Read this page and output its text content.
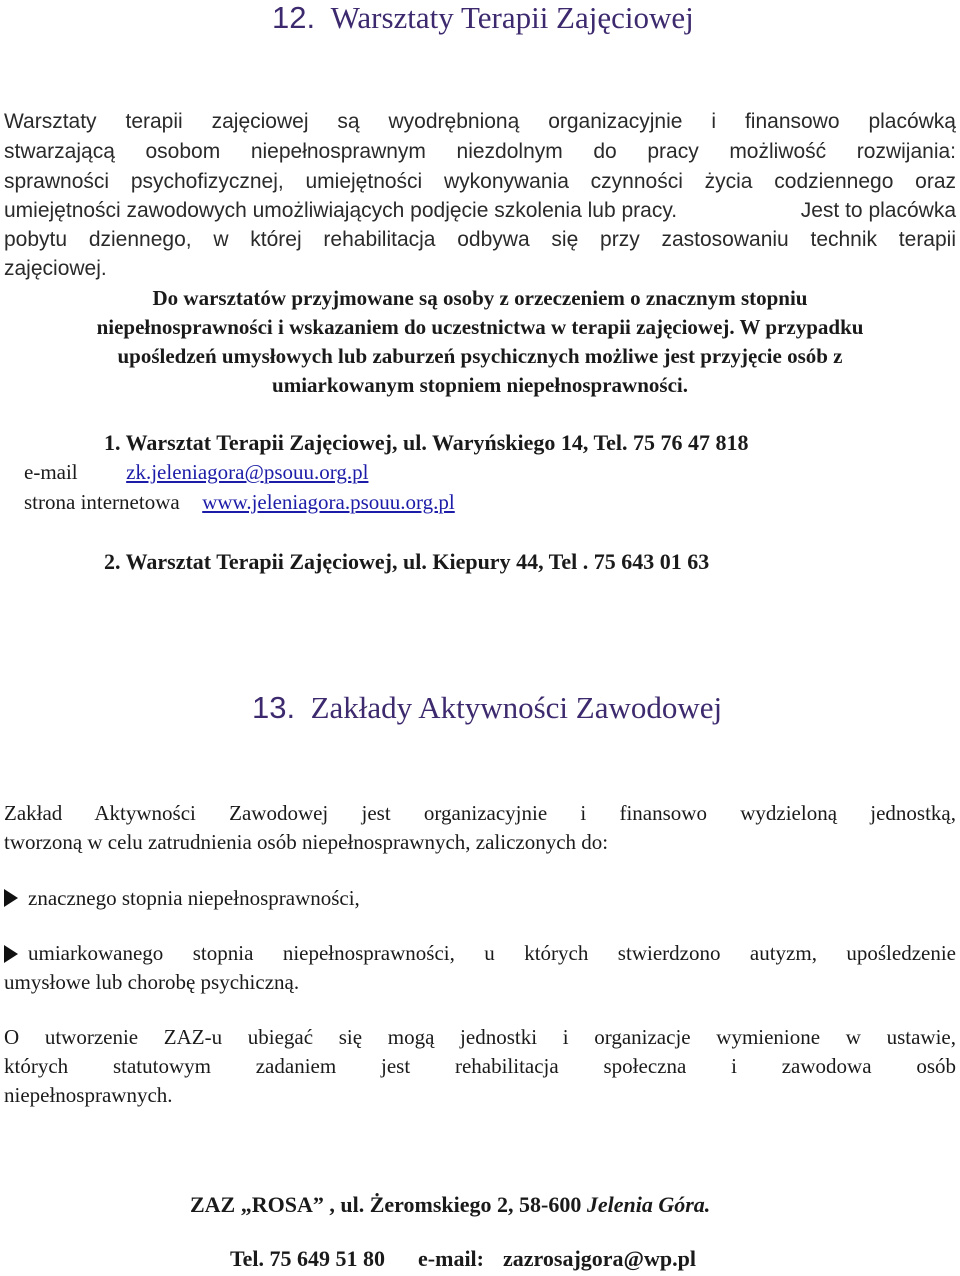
12. Warsztaty Terapii Zajęciowej
Warsztaty terapii zajęciowej są wyodrębnioną organizacyjnie i finansowo placówką
stwarzającą osobom niepełnosprawnym niezdolnym do pracy możliwość rozwijania:
sprawności psychofizycznej, umiejętności wykonywania czynności życia codziennego oraz
umiejętności zawodowych umożliwiających podjęcie szkolenia lub pracy.	Jest to placówka
pobytu dziennego, w której rehabilitacja odbywa się przy zastosowaniu technik terapii
zajęciowej.
Do warsztatów przyjmowane są osoby z orzeczeniem o znacznym stopniu
niepełnosprawności i wskazaniem do uczestnictwa w terapii zajęciowej. W przypadku
upośledzeń umysłowych lub zaburzeń psychicznych możliwe jest przyjęcie osób z
umiarkowanym stopniem niepełnosprawności.
1. Warsztat Terapii Zajęciowej, ul. Waryńskiego 14, Tel. 75 76 47 818
e-mail zk.jeleniagora@psouu.org.pl
strona internetowa www.jeleniagora.psouu.org.pl
2. Warsztat Terapii Zajęciowej, ul. Kiepury 44, Tel . 75 643 01 63
13. Zakłady Aktywności Zawodowej
Zakład Aktywności Zawodowej jest organizacyjnie i finansowo wydzieloną jednostką,
tworzoną w celu zatrudnienia osób niepełnosprawnych, zaliczonych do:
znacznego stopnia niepełnosprawności,
umiarkowanego stopnia niepełnosprawności, u których stwierdzono autyzm, upośledzenie
umysłowe lub chorobę psychiczną.
O utworzenie ZAZ-u ubiegać się mogą jednostki i organizacje wymienione w ustawie,
których statutowym zadaniem jest rehabilitacja społeczna i zawodowa osób
niepełnosprawnych.
ZAZ „ROSA” , ul. Żeromskiego 2, 58-600 Jelenia Góra.
Tel. 75 649 51 80 e-mail: zazrosajgora@wp.pl
